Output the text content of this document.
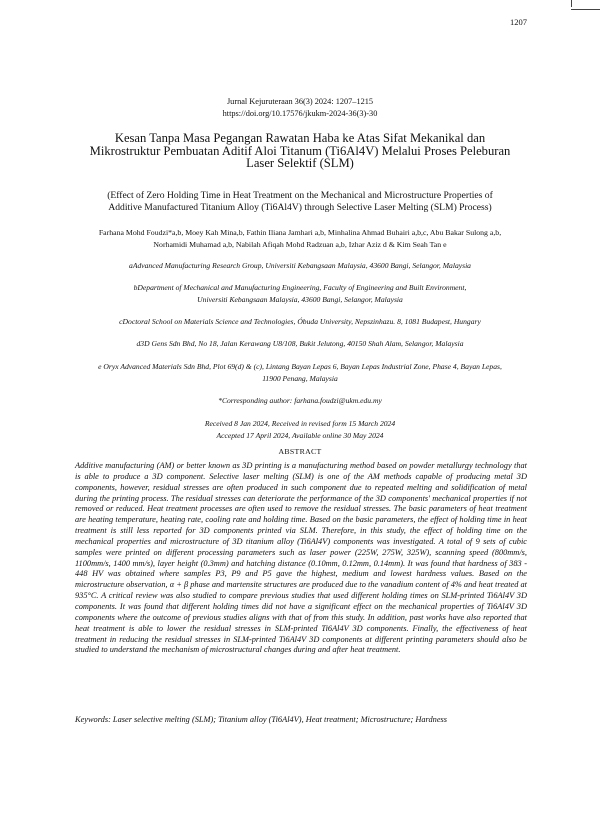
1207
Jurnal Kejuruteraan 36(3) 2024: 1207–1215
https://doi.org/10.17576/jkukm-2024-36(3)-30
Kesan Tanpa Masa Pegangan Rawatan Haba ke Atas Sifat Mekanikal dan
Mikrostruktur Pembuatan Aditif Aloi Titanum (Ti6Al4V) Melalui Proses Peleburan
Laser Selektif (SLM)
(Effect of Zero Holding Time in Heat Treatment on the Mechanical and Microstructure Properties of
Additive Manufactured Titanium Alloy (Ti6Al4V) through Selective Laser Melting (SLM) Process)
Farhana Mohd Foudzi*a,b, Moey Kah Mina,b, Fathin Iliana Jamhari a,b, Minhalina Ahmad Buhairi a,b,c, Abu Bakar Sulong a,b,
Norhamidi Muhamad a,b, Nabilah Afiqah Mohd Radzuan a,b, Izhar Aziz d & Kim Seah Tan e
aAdvanced Manufacturing Research Group, Universiti Kebangsaan Malaysia, 43600 Bangi, Selangor, Malaysia
bDepartment of Mechanical and Manufacturing Engineering, Faculty of Engineering and Built Environment,
Universiti Kebangsaan Malaysia, 43600 Bangi, Selangor, Malaysia
cDoctoral School on Materials Science and Technologies, Óbuda University, Nepszinhazu. 8, 1081 Budapest, Hungary
d3D Gens Sdn Bhd, No 18, Jalan Kerawang U8/108, Bukit Jelutong, 40150 Shah Alam, Selangor, Malaysia
e Oryx Advanced Materials Sdn Bhd, Plot 69(d) & (c), Lintang Bayan Lepas 6, Bayan Lepas Industrial Zone, Phase 4, Bayan Lepas,
11900 Penang, Malaysia
*Corresponding author: farhana.foudzi@ukm.edu.my
Received 8 Jan 2024, Received in revised form 15 March 2024
Accepted 17 April 2024, Available online 30 May 2024
ABSTRACT

Additive manufacturing (AM) or better known as 3D printing is a manufacturing method based on powder metallurgy technology that is able to produce a 3D component. Selective laser melting (SLM) is one of the AM methods capable of producing metal 3D components, however, residual stresses are often produced in such component due to repeated melting and solidification of metal during the printing process. The residual stresses can deteriorate the performance of the 3D components' mechanical properties if not removed or reduced. Heat treatment processes are often used to remove the residual stresses. The basic parameters of heat treatment are heating temperature, heating rate, cooling rate and holding time. Based on the basic parameters, the effect of holding time in heat treatment is still less reported for 3D components printed via SLM. Therefore, in this study, the effect of holding time on the mechanical properties and microstructure of 3D titanium alloy (Ti6Al4V) components was investigated. A total of 9 sets of cubic samples were printed on different processing parameters such as laser power (225W, 275W, 325W), scanning speed (800mm/s, 1100mm/s, 1400 mm/s), layer height (0.3mm) and hatching distance (0.10mm, 0.12mm, 0.14mm). It was found that hardness of 383 - 448 HV was obtained where samples P3, P9 and P5 gave the highest, medium and lowest hardness values. Based on the microstructure observation, α + β phase and martensite structures are produced due to the vanadium content of 4% and heat treated at 935°C. A critical review was also studied to compare previous studies that used different holding times on SLM-printed Ti6Al4V 3D components. It was found that different holding times did not have a significant effect on the mechanical properties of Ti6Al4V 3D components where the outcome of previous studies aligns with that of from this study. In addition, past works have also reported that heat treatment is able to lower the residual stresses in SLM-printed Ti6Al4V 3D components. Finally, the effectiveness of heat treatment in reducing the residual stresses in SLM-printed Ti6Al4V 3D components at different printing parameters should also be studied to understand the mechanism of microstructural changes during and after heat treatment.

Keywords: Laser selective melting (SLM); Titanium alloy (Ti6Al4V), Heat treatment; Microstructure; Hardness
